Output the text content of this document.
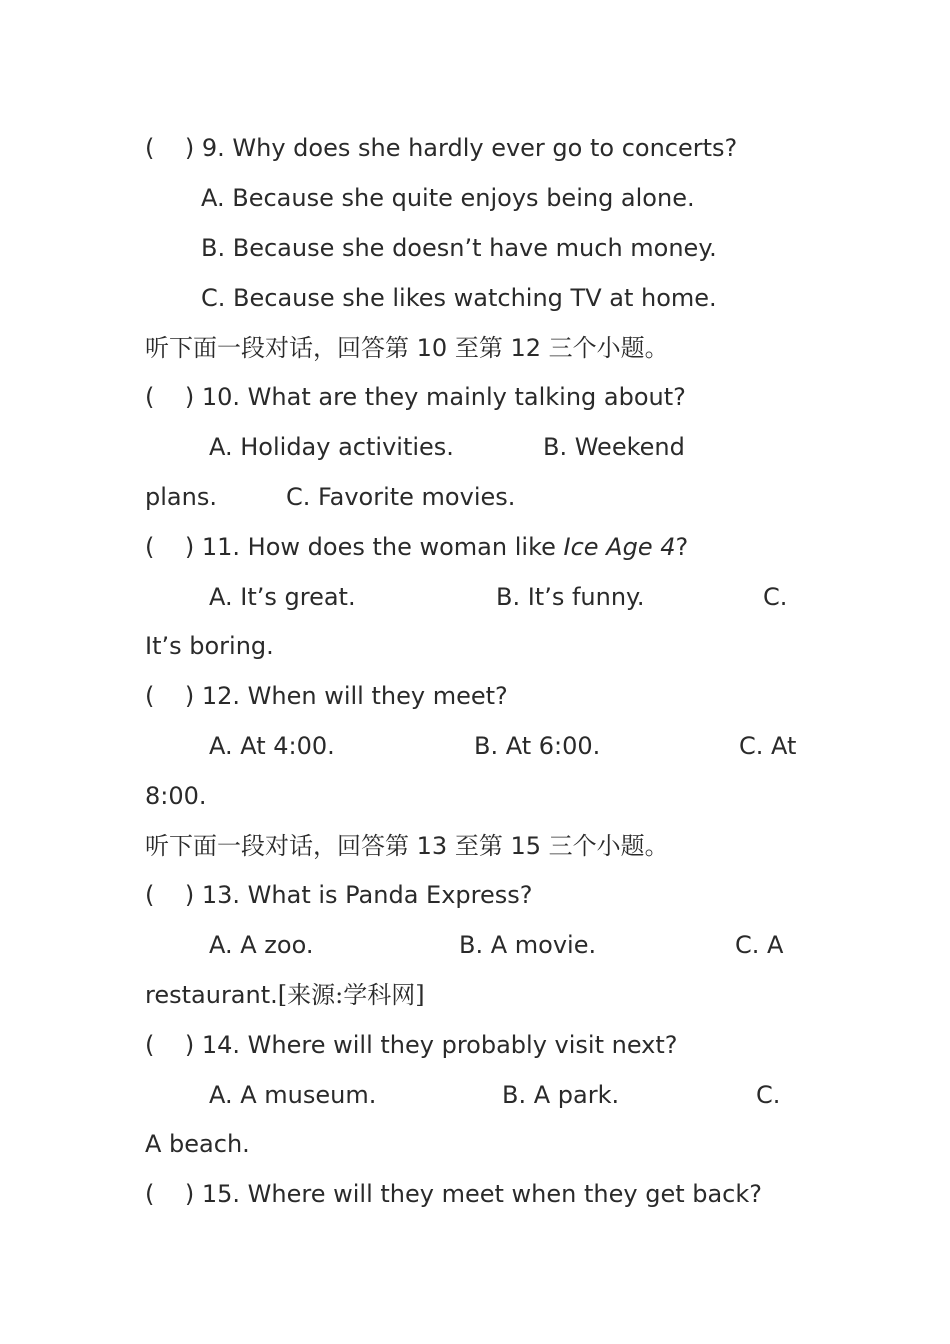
(    ) 9. Why does she hardly ever go to concerts?
A. Because she quite enjoys being alone.
B. Because she doesn’t have much money.
C. Because she likes watching TV at home.
听下面一段对话，回答第 10 至第 12 三个小题。
(    ) 10. What are they mainly talking about?
A. Holiday activities.	B. Weekend
plans.	C. Favorite movies.
(    ) 11. How does the woman like Ice Age 4?
A. It’s great.	B. It’s funny.	C.
It’s boring.
(    ) 12. When will they meet?
A. At 4:00.	B. At 6:00.	C. At
8:00.
听下面一段对话，回答第 13 至第 15 三个小题。
(    ) 13. What is Panda Express?
A. A zoo.	B. A movie.	C. A
restaurant.[来源:学科网]
(    ) 14. Where will they probably visit next?
A. A museum.	B. A park.	C.
A beach.
(    ) 15. Where will they meet when they get back?
